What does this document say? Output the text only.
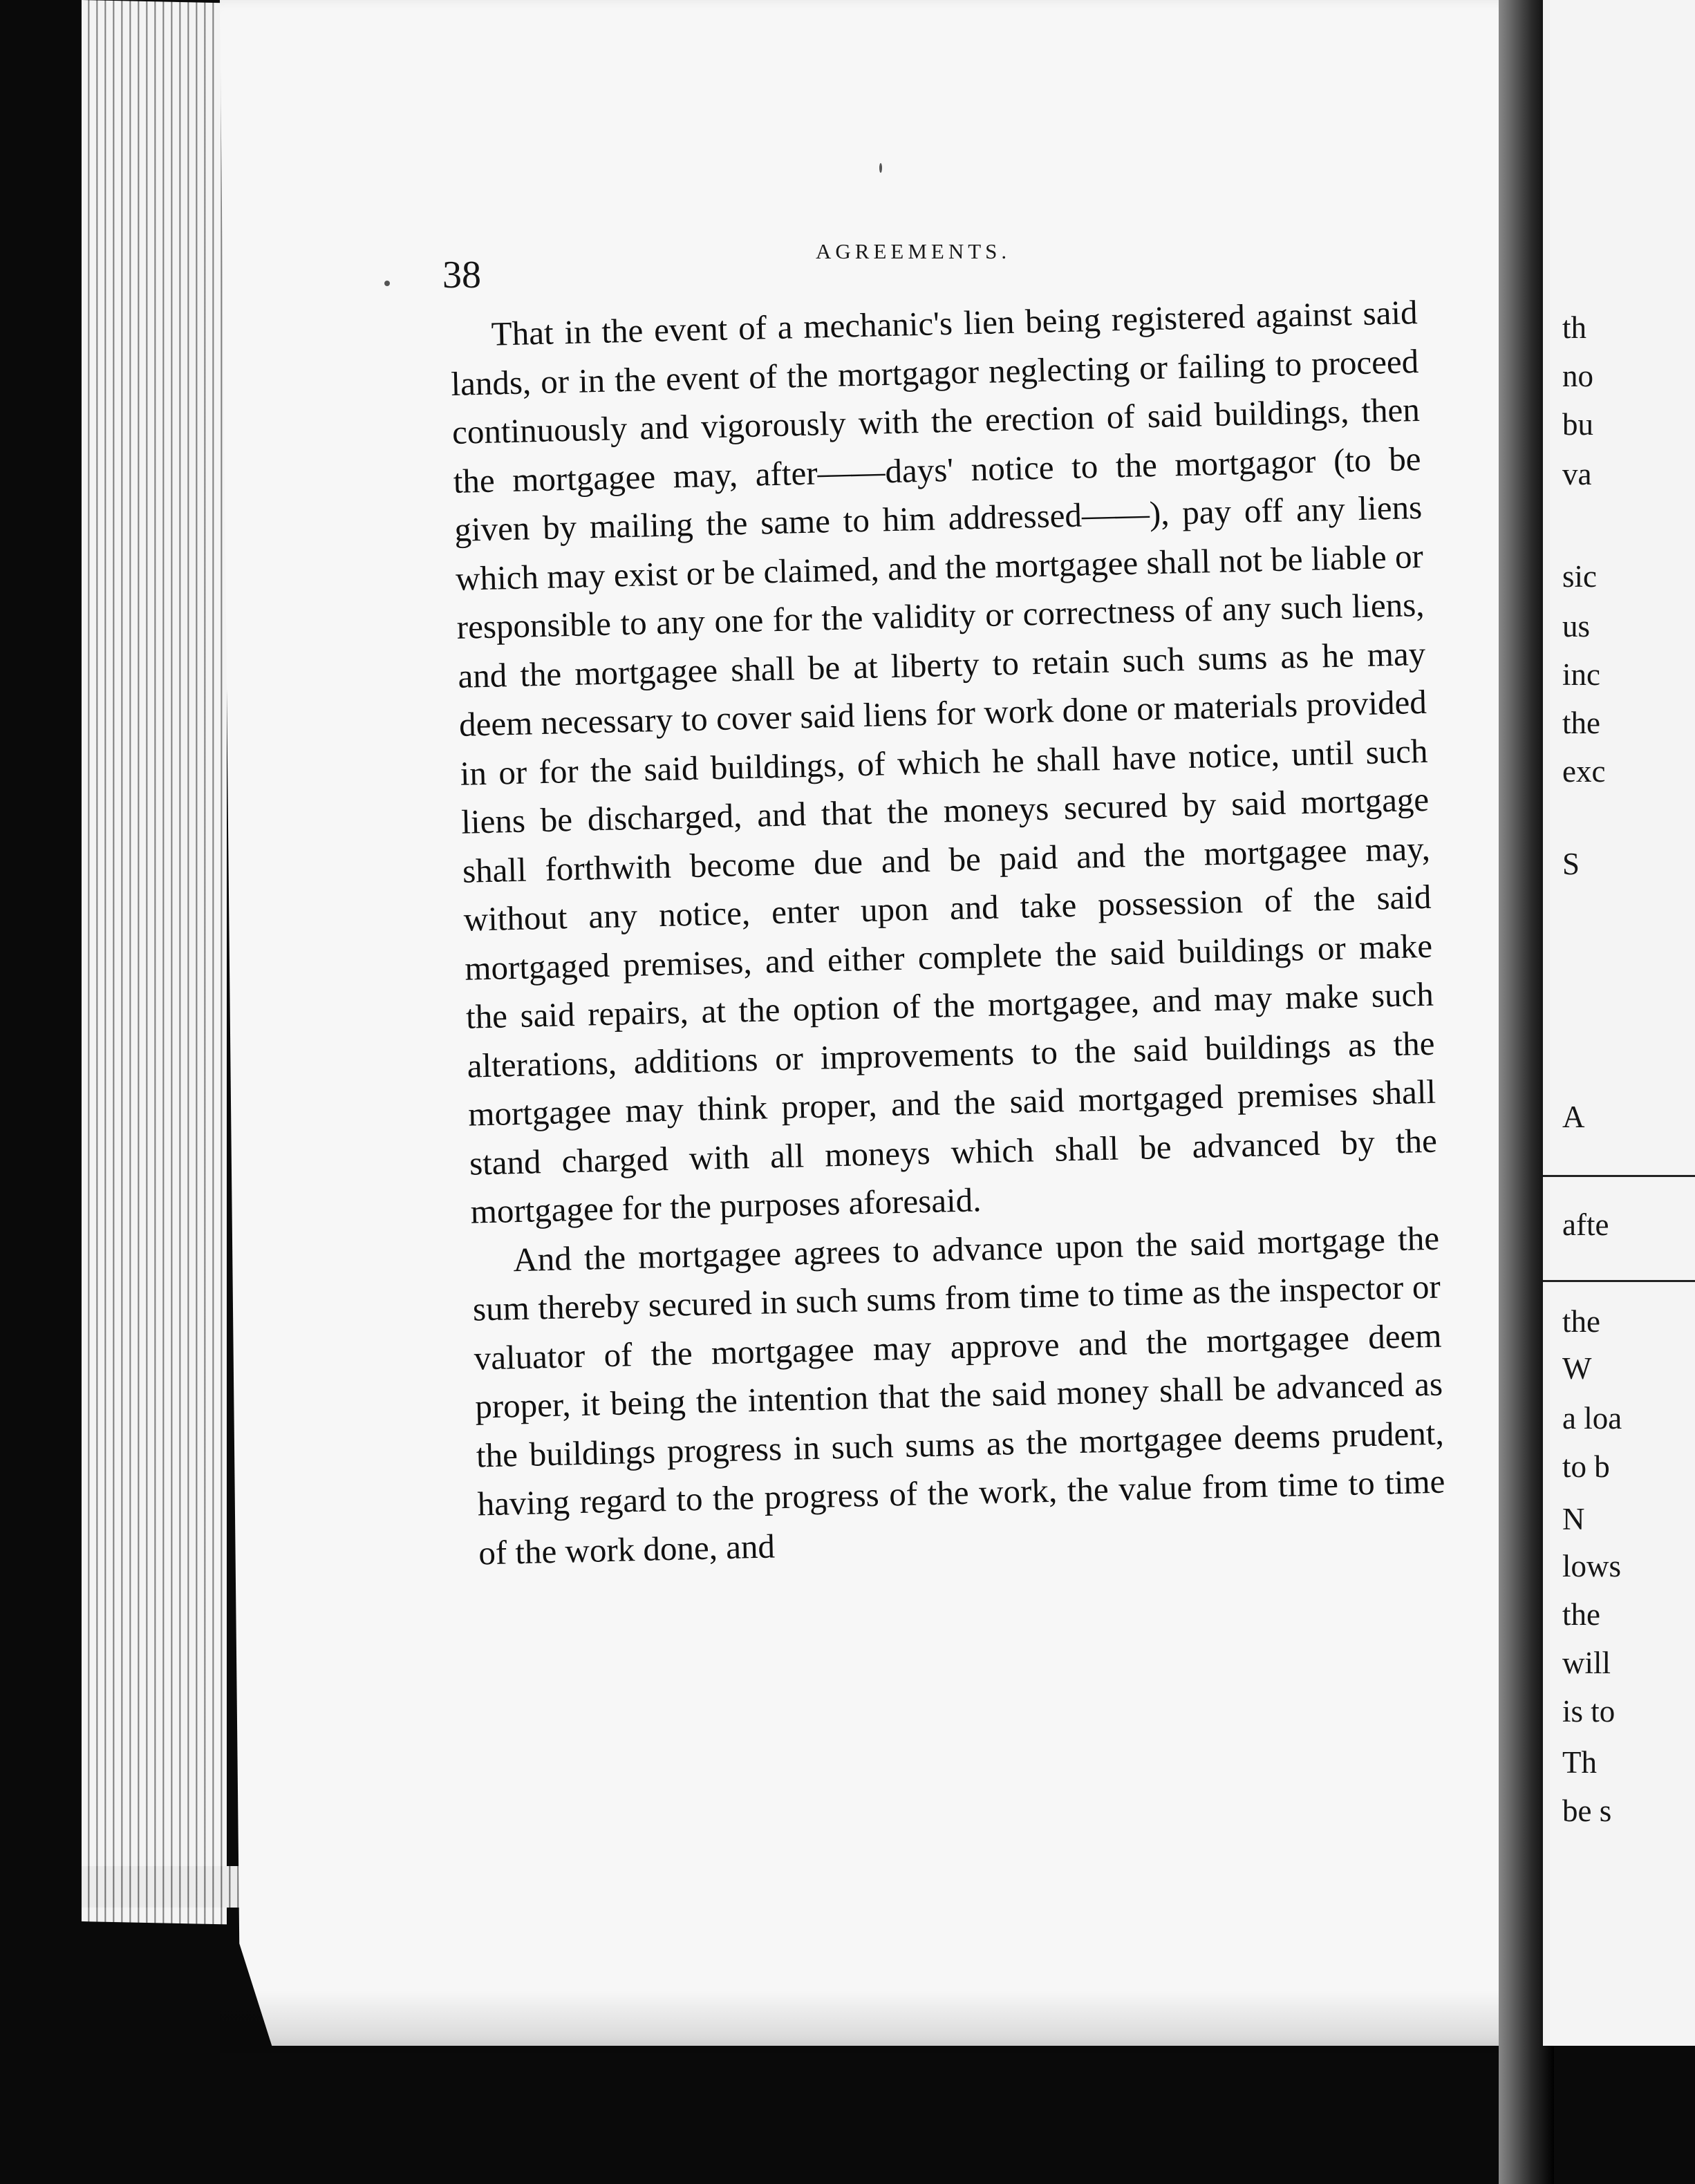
38
AGREEMENTS.

That in the event of a mechanic's lien being registered against said lands, or in the event of the mortgagor neglecting or failing to proceed continuously and vigorously with the erection of said buildings, then the mortgagee may, after——days' notice to the mortgagor (to be given by mailing the same to him addressed——), pay off any liens which may exist or be claimed, and the mortgagee shall not be liable or responsible to any one for the validity or correctness of any such liens, and the mortgagee shall be at liberty to retain such sums as he may deem necessary to cover said liens for work done or materials provided in or for the said buildings, of which he shall have notice, until such liens be discharged, and that the moneys secured by said mortgage shall forthwith become due and be paid and the mortgagee may, without any notice, enter upon and take possession of the said mortgaged premises, and either complete the said buildings or make the said repairs, at the option of the mortgagee, and may make such alterations, additions or improvements to the said buildings as the mortgagee may think proper, and the said mortgaged premises shall stand charged with all moneys which shall be advanced by the mortgagee for the purposes aforesaid.

And the mortgagee agrees to advance upon the said mortgage the sum thereby secured in such sums from time to time as the inspector or valuator of the mortgagee may approve and the mortgagee deem proper, it being the intention that the said money shall be advanced as the buildings progress in such sums as the mortgagee deems prudent, having regard to the progress of the work, the value from time to time of the work done, and

th
no
bu
va
sic
us
inc
the
exc
S
A
afte
the
W
a loa
to b
N
lows
the
will
is to
Th
be s
